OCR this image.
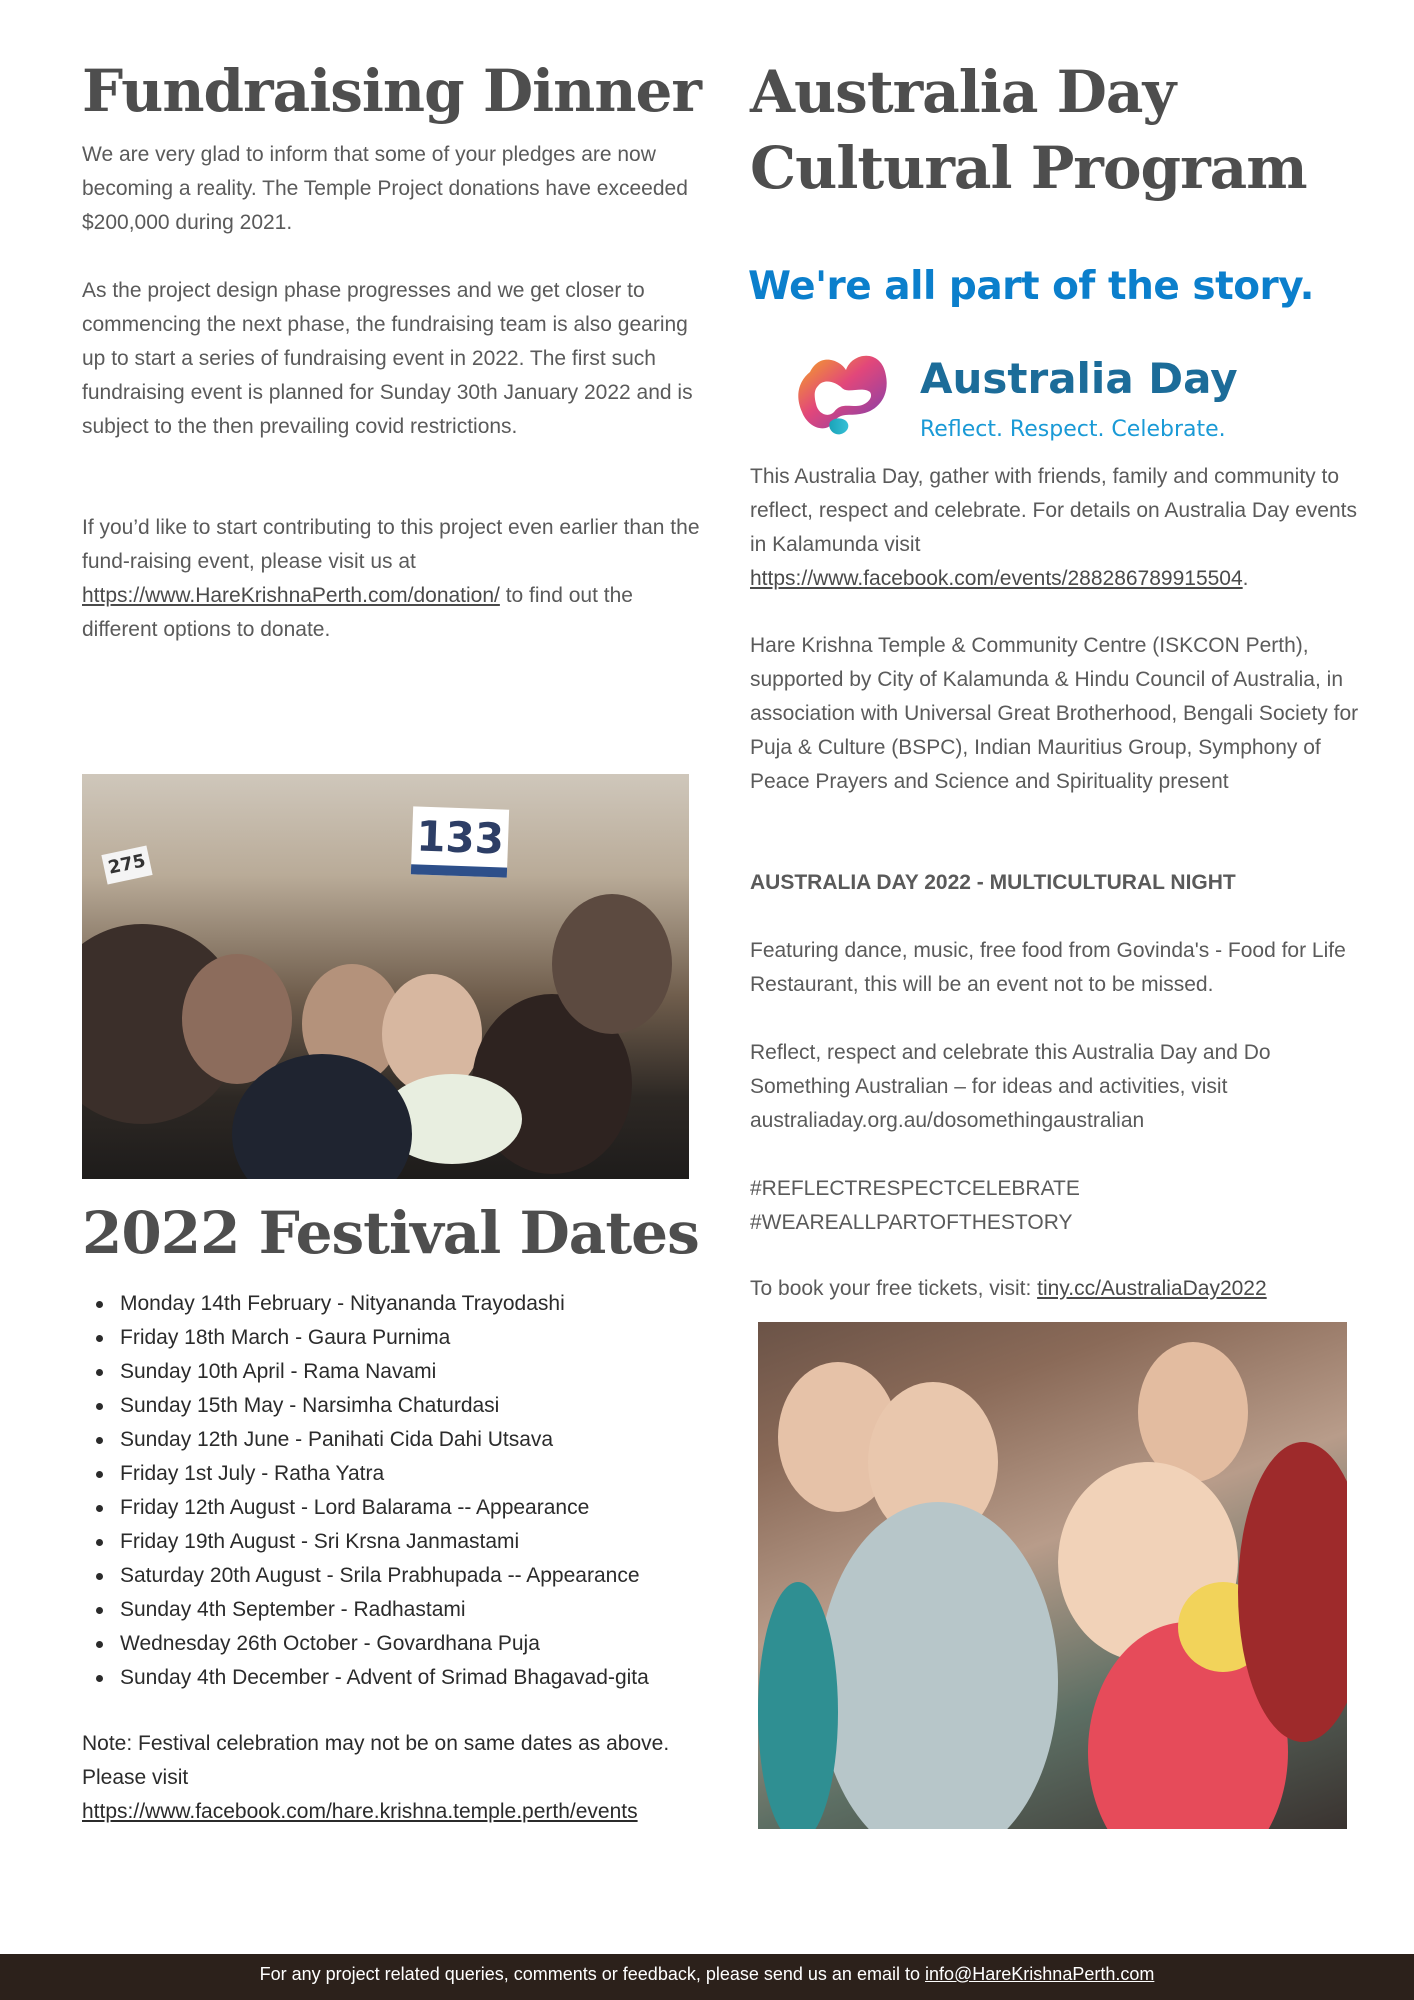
Fundraising Dinner

We are very glad to inform that some of your pledges are now becoming a reality. The Temple Project donations have exceeded $200,000 during 2021.

As the project design phase progresses and we get closer to commencing the next phase, the fundraising team is also gearing up to start a series of fundraising event in 2022. The first such fundraising event is planned for Sunday 30th January 2022 and is subject to the then prevailing covid restrictions.

If you’d like to start contributing to this project even earlier than the fund-raising event, please visit us at https://www.HareKrishnaPerth.com/donation/ to find out the different options to donate.

133
275
2022 Festival Dates
Monday 14th February - Nityananda Trayodashi
Friday 18th March - Gaura Purnima
Sunday 10th April - Rama Navami
Sunday 15th May - Narsimha Chaturdasi
Sunday 12th June - Panihati Cida Dahi Utsava
Friday 1st July - Ratha Yatra
Friday 12th August - Lord Balarama -- Appearance
Friday 19th August - Sri Krsna Janmastami
Saturday 20th August - Srila Prabhupada -- Appearance
Sunday 4th September - Radhastami
Wednesday 26th October - Govardhana Puja
Sunday 4th December - Advent of Srimad Bhagavad-gita

Note: Festival celebration may not be on same dates as above. Please visit
https://www.facebook.com/hare.krishna.temple.perth/events

Australia Day Cultural Program
We're all part of the story.
Australia Day
Reflect. Respect. Celebrate.

This Australia Day, gather with friends, family and community to reflect, respect and celebrate. For details on Australia Day events in Kalamunda visit https://www.facebook.com/events/288286789915504.

Hare Krishna Temple & Community Centre (ISKCON Perth), supported by City of Kalamunda & Hindu Council of Australia, in association with Universal Great Brotherhood, Bengali Society for Puja & Culture (BSPC), Indian Mauritius Group, Symphony of Peace Prayers and Science and Spirituality present

AUSTRALIA DAY 2022 - MULTICULTURAL NIGHT

Featuring dance, music, free food from Govinda's - Food for Life Restaurant, this will be an event not to be missed.

Reflect, respect and celebrate this Australia Day and Do Something Australian – for ideas and activities, visit australiaday.org.au/dosomethingaustralian

#REFLECTRESPECTCELEBRATE
#WEAREALLPARTOFTHESTORY

To book your free tickets, visit: tiny.cc/AustraliaDay2022

For any project related queries, comments or feedback, please send us an email to info@HareKrishnaPerth.com
